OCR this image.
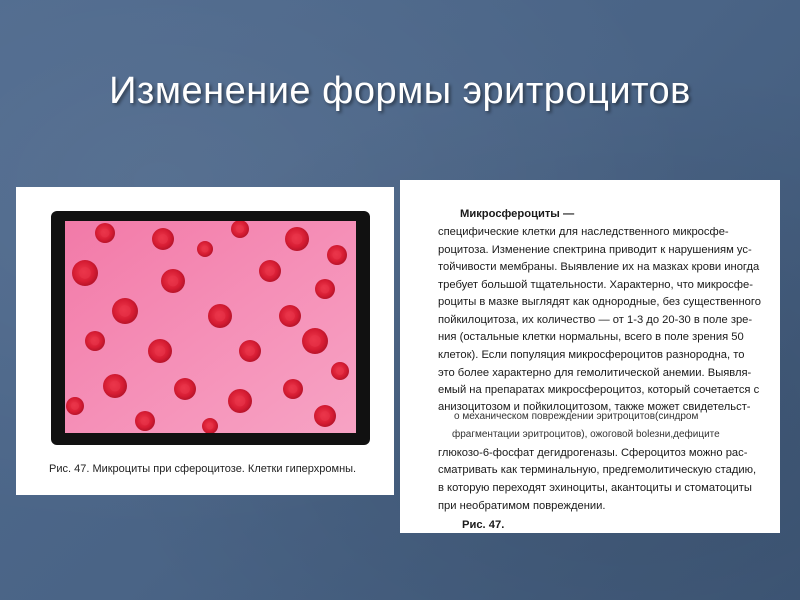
Изменение формы эритроцитов
Рис. 47. Микроциты при сфероцитозе. Клетки гиперхромны.
Микросфероциты —
специфические клетки для наследственного микросфе-
роцитоза. Изменение спектрина приводит к нарушениям ус-
тойчивости мембраны. Выявление их на мазках крови иногда
требует большой тщательности. Характерно, что микросфе-
роциты в мазке выглядят как однородные, без существенного
пойкилоцитоза, их количество — от 1-3 до 20-30 в поле зре-
ния (остальные клетки нормальны, всего в поле зрения 50
клеток). Если популяция микросфероцитов разнородна, то
это более характерно для гемолитической анемии. Выявля-
емый на препаратах микросфероцитоз, который сочетается с
анизоцитозом и пойкилоцитозом, также может свидетельст-
о механическом повреждении эритроцитов(синдром
фрагментации эритроцитов), ожоговой bolезни,дефиците
глюкозо-6-фосфат дегидрогеназы. Сфероцитоз можно рас-
сматривать как терминальную, предгемолитическую стадию,
в которую переходят эхиноциты, акантоциты и стоматоциты
при необратимом повреждении.
Рис. 47.
